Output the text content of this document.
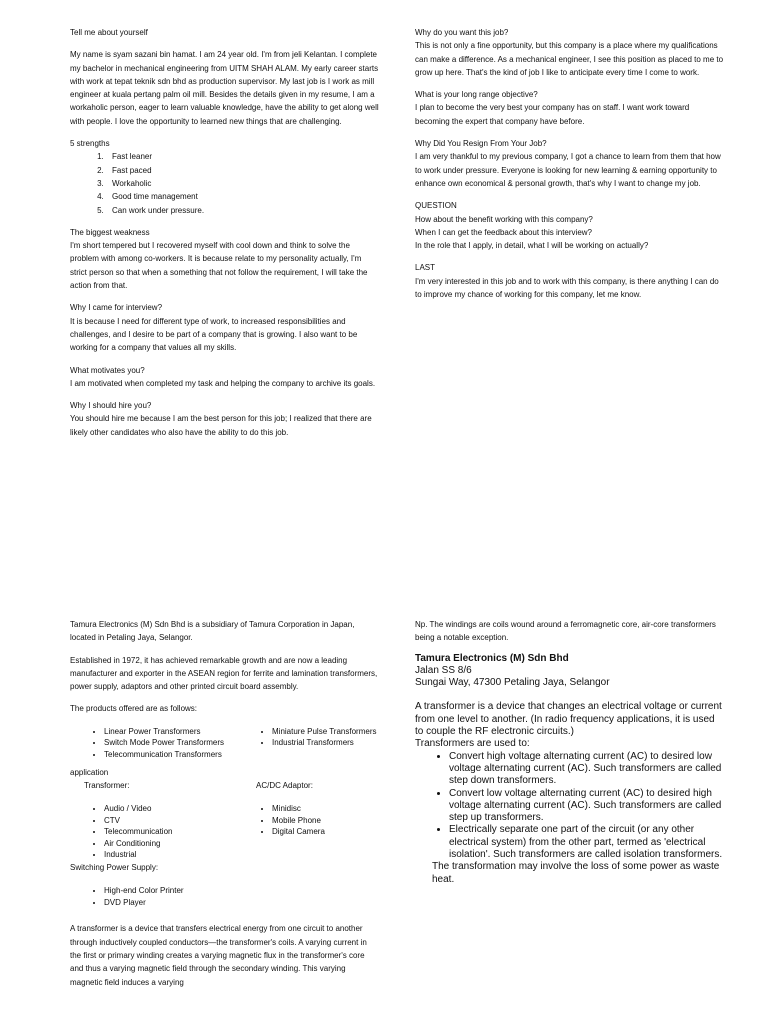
Tell me about yourself

My name is syam sazani bin hamat. I am 24 year old. I'm from jeli Kelantan. I complete my bachelor in mechanical engineering from UITM SHAH ALAM. My early career starts with work at tepat teknik sdn bhd as production supervisor. My last job is I work as mill engineer at kuala pertang palm oil mill. Besides the details given in my resume, I am a workaholic person, eager to learn valuable knowledge, have the ability to get along well with people. I love the opportunity to learned new things that are challenging.

5 strengths
1. Fast leaner
2. Fast paced
3. Workaholic
4. Good time management
5. Can work under pressure.

The biggest weakness
I'm short tempered but I recovered myself with cool down and think to solve the problem with among co-workers. It is because relate to my personality actually, I'm strict person so that when a something that not follow the requirement, I will take the action from that.

Why I came for interview?
It is because I need for different type of work, to increased responsibilities and challenges, and I desire to be part of a company that is growing. I also want to be working for a company that values all my skills.

What motivates you?
I am motivated when completed my task and helping the company to archive its goals.

Why I should hire you?
You should hire me because I am the best person for this job; I realized that there are likely other candidates who also have the ability to do this job.

Why do you want this job?
This is not only a fine opportunity, but this company is a place where my qualifications can make a difference. As a mechanical engineer, I see this position as placed to me to grow up here. That's the kind of job I like to anticipate every time I come to work.

What is your long range objective?
I plan to become the very best your company has on staff. I want work toward becoming the expert that company have before.

Why Did You Resign From Your Job?
I am very thankful to my previous company, I got a chance to learn from them that how to work under pressure. Everyone is looking for new learning & earning opportunity to enhance own economical & personal growth, that's why I want to change my job.

QUESTION
How about the benefit working with this company?
When I can get the feedback about this interview?
In the role that I apply, in detail, what I will be working on actually?

LAST
I'm very interested in this job and to work with this company, is there anything I can do to improve my chance of working for this company, let me know.

Tamura Electronics (M) Sdn Bhd is a subsidiary of Tamura Corporation in Japan, located in Petaling Jaya, Selangor.

Established in 1972, it has achieved remarkable growth and are now a leading manufacturer and exporter in the ASEAN region for ferrite and lamination transformers, power supply, adaptors and other printed circuit board assembly.

The products offered are as follows:

• Linear Power Transformers
• Switch Mode Power Transformers
• Telecommunication Transformers
• Miniature Pulse Transformers
• Industrial Transformers
application
Transformer:	AC/DC Adaptor:
• Audio / Video
• CTV
• Telecommunication
• Air Conditioning
• Industrial
• Minidisc
• Mobile Phone
• Digital Camera
Switching Power Supply:
• High-end Color Printer
• DVD Player

A transformer is a device that transfers electrical energy from one circuit to another through inductively coupled conductors—the transformer's coils. A varying current in the first or primary winding creates a varying magnetic flux in the transformer's core and thus a varying magnetic field through the secondary winding. This varying magnetic field induces a varying

Np. The windings are coils wound around a ferromagnetic core, air-core transformers being a notable exception.

Tamura Electronics (M) Sdn Bhd
Jalan SS 8/6
Sungai Way, 47300 Petaling Jaya, Selangor
A transformer is a device that changes an electrical voltage or current from one level to another. (In radio frequency applications, it is used to couple the RF electronic circuits.)
Transformers are used to:
• Convert high voltage alternating current (AC) to desired low voltage alternating current (AC). Such transformers are called step down transformers.
• Convert low voltage alternating current (AC) to desired high voltage alternating current (AC). Such transformers are called step up transformers.
• Electrically separate one part of the circuit (or any other electrical system) from the other part, termed as 'electrical isolation'. Such transformers are called isolation transformers.
The transformation may involve the loss of some power as waste heat.
